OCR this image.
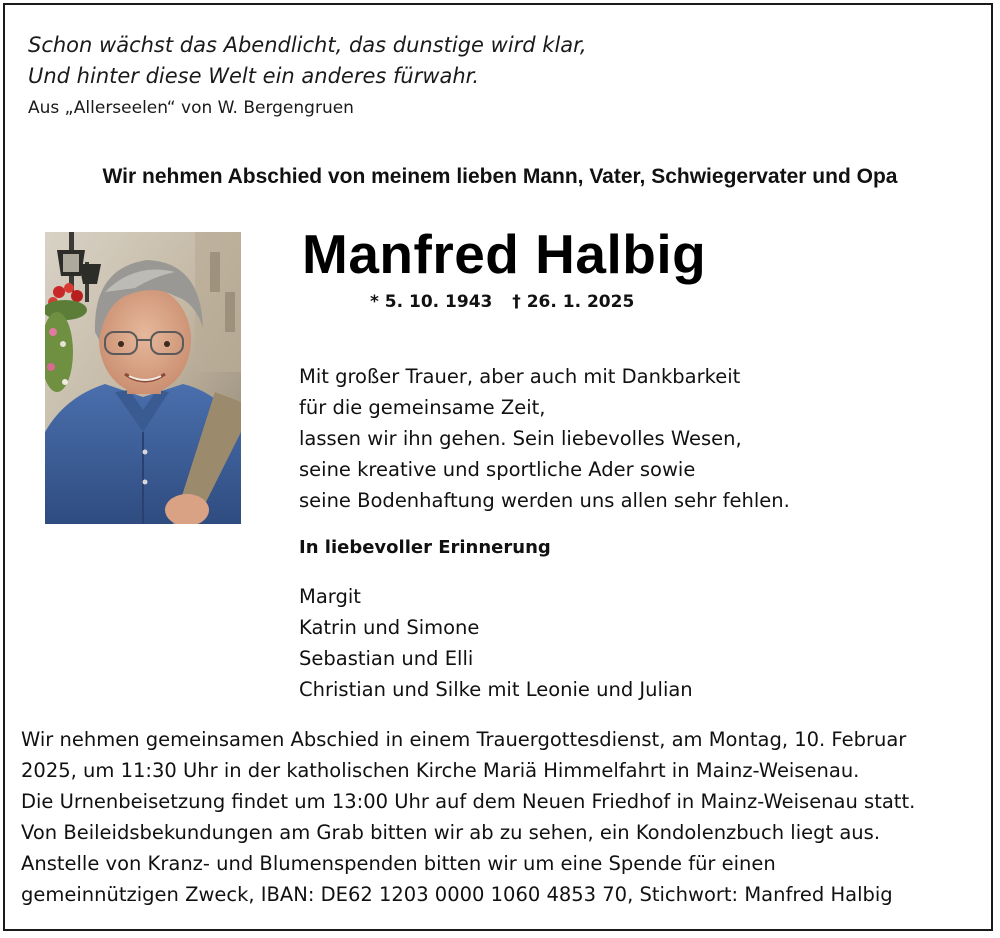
Schon wächst das Abendlicht, das dunstige wird klar,
Und hinter diese Welt ein anderes fürwahr.
Aus „Allerseelen“ von W. Bergengruen
Wir nehmen Abschied von meinem lieben Mann, Vater, Schwiegervater und Opa
Manfred Halbig
* 5. 10. 1943 † 26. 1. 2025
Mit großer Trauer, aber auch mit Dankbarkeit
für die gemeinsame Zeit,
lassen wir ihn gehen. Sein liebevolles Wesen,
seine kreative und sportliche Ader sowie
seine Bodenhaftung werden uns allen sehr fehlen.
In liebevoller Erinnerung
Margit
Katrin und Simone
Sebastian und Elli
Christian und Silke mit Leonie und Julian
Wir nehmen gemeinsamen Abschied in einem Trauergottesdienst, am Montag, 10. Februar
2025, um 11:30 Uhr in der katholischen Kirche Mariä Himmelfahrt in Mainz-Weisenau.
Die Urnenbeisetzung findet um 13:00 Uhr auf dem Neuen Friedhof in Mainz-Weisenau statt.
Von Beileidsbekundungen am Grab bitten wir ab zu sehen, ein Kondolenzbuch liegt aus.
Anstelle von Kranz- und Blumenspenden bitten wir um eine Spende für einen
gemeinnützigen Zweck, IBAN: DE62 1203 0000 1060 4853 70, Stichwort: Manfred Halbig
